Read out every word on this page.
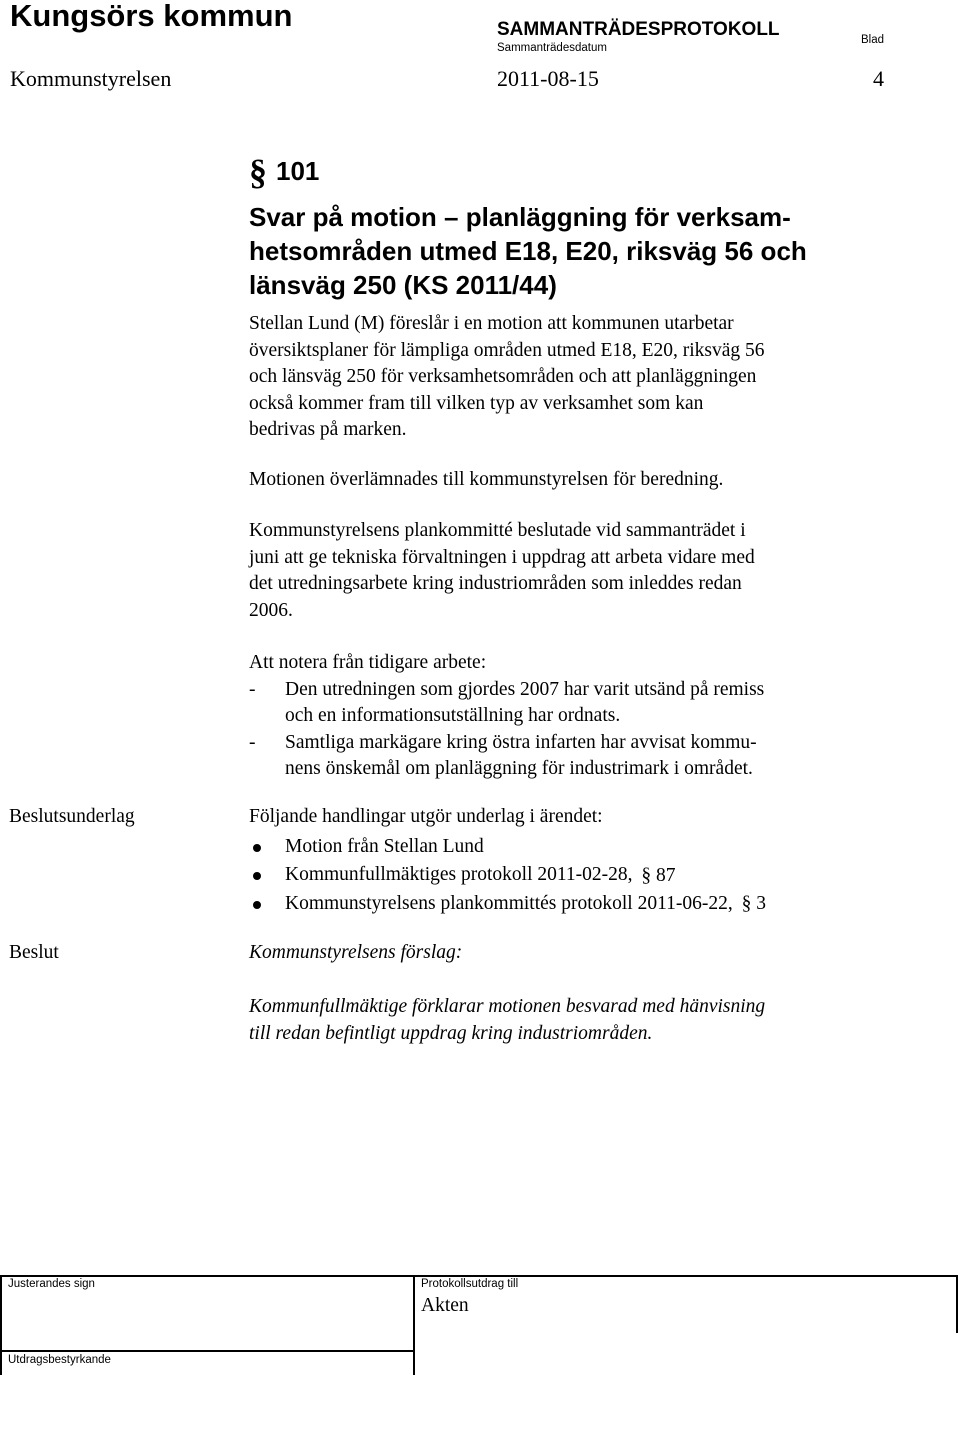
Kungsörs kommun	SAMMANTRÄDESPROTOKOLL
Sammanträdesdatum
Blad
Kommunstyrelsen	2011-08-15	4
§ 101
Svar på motion – planläggning för verksam-
hetsområden utmed E18, E20, riksväg 56 och
länsväg 250 (KS 2011/44)
Stellan Lund (M) föreslår i en motion att kommunen utarbetar
översiktsplaner för lämpliga områden utmed E18, E20, riksväg 56
och länsväg 250 för verksamhetsområden och att planläggningen
också kommer fram till vilken typ av verksamhet som kan
bedrivas på marken.
Motionen överlämnades till kommunstyrelsen för beredning.
Kommunstyrelsens plankommitté beslutade vid sammanträdet i
juni att ge tekniska förvaltningen i uppdrag att arbeta vidare med
det utredningsarbete kring industriområden som inleddes redan
2006.
Att notera från tidigare arbete:
- Den utredningen som gjordes 2007 har varit utsänd på remiss
och en informationsutställning har ordnats.
- Samtliga markägare kring östra infarten har avvisat kommu-
nens önskemål om planläggning för industrimark i området.
Beslutsunderlag	Följande handlingar utgör underlag i ärendet:
Motion från Stellan Lund
Kommunfullmäktiges protokoll 2011-02-28, § 87
Kommunstyrelsens plankommittés protokoll 2011-06-22, § 3
Beslut	Kommunstyrelsens förslag:
Kommunfullmäktige förklarar motionen besvarad med hänvisning
till redan befintligt uppdrag kring industriområden.
Justerandes sign
Utdragsbestyrkande
Protokollsutdrag till
Akten
